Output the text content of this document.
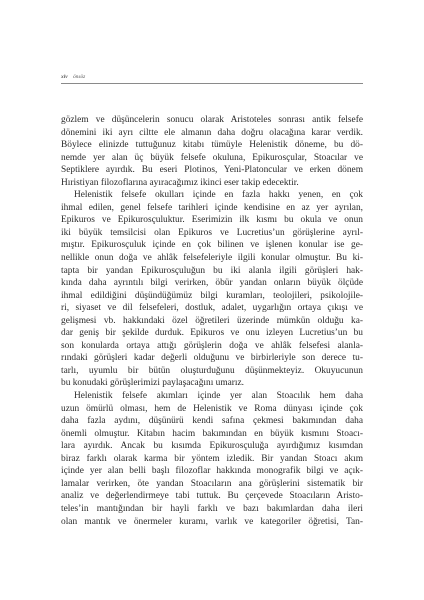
xiv önsöz
gözlem ve düşüncelerin sonucu olarak Aristoteles sonrası antik felsefe
dönemini iki ayrı ciltte ele almanın daha doğru olacağına karar verdik.
Böylece elinizde tuttuğunuz kitabı tümüyle Helenistik döneme, bu dö-
nemde yer alan üç büyük felsefe okuluna, Epikurosçular, Stoacılar ve
Septiklere ayırdık. Bu eseri Plotinos, Yeni-Platoncular ve erken dönem
Hıristiyan filozoflarına ayıracağımız ikinci eser takip edecektir.
Helenistik felsefe okulları içinde en fazla hakkı yenen, en çok
ihmal edilen, genel felsefe tarihleri içinde kendisine en az yer ayrılan,
Epikuros ve Epikurosçuluktur. Eserimizin ilk kısmı bu okula ve onun
iki büyük temsilcisi olan Epikuros ve Lucretius’un görüşlerine ayrıl-
mıştır. Epikurosçuluk içinde en çok bilinen ve işlenen konular ise ge-
nellikle onun doğa ve ahlâk felsefeleriyle ilgili konular olmuştur. Bu ki-
tapta bir yandan Epikurosçuluğun bu iki alanla ilgili görüşleri hak-
kında daha ayrıntılı bilgi verirken, öbür yandan onların büyük ölçüde
ihmal edildiğini düşündüğümüz bilgi kuramları, teolojileri, psikolojile-
ri, siyaset ve dil felsefeleri, dostluk, adalet, uygarlığın ortaya çıkışı ve
gelişmesi vb. hakkındaki özel öğretileri üzerinde mümkün olduğu ka-
dar geniş bir şekilde durduk. Epikuros ve onu izleyen Lucretius’un bu
son konularda ortaya attığı görüşlerin doğa ve ahlâk felsefesi alanla-
rındaki görüşleri kadar değerli olduğunu ve birbirleriyle son derece tu-
tarlı, uyumlu bir bütün oluşturduğunu düşünmekteyiz. Okuyucunun
bu konudaki görüşlerimizi paylaşacağını umarız.
Helenistik felsefe akımları içinde yer alan Stoacılık hem daha
uzun ömürlü olması, hem de Helenistik ve Roma dünyası içinde çok
daha fazla aydını, düşünürü kendi safına çekmesi bakımından daha
önemli olmuştur. Kitabın hacim bakımından en büyük kısmını Stoacı-
lara ayırdık. Ancak bu kısımda Epikurosçuluğa ayırdığımız kısımdan
biraz farklı olarak karma bir yöntem izledik. Bir yandan Stoacı akım
içinde yer alan belli başlı filozoflar hakkında monografik bilgi ve açık-
lamalar verirken, öte yandan Stoacıların ana görüşlerini sistematik bir
analiz ve değerlendirmeye tabi tuttuk. Bu çerçevede Stoacıların Aristo-
teles’in mantığından bir hayli farklı ve bazı bakımlardan daha ileri
olan mantık ve önermeler kuramı, varlık ve kategoriler öğretisi, Tan-
